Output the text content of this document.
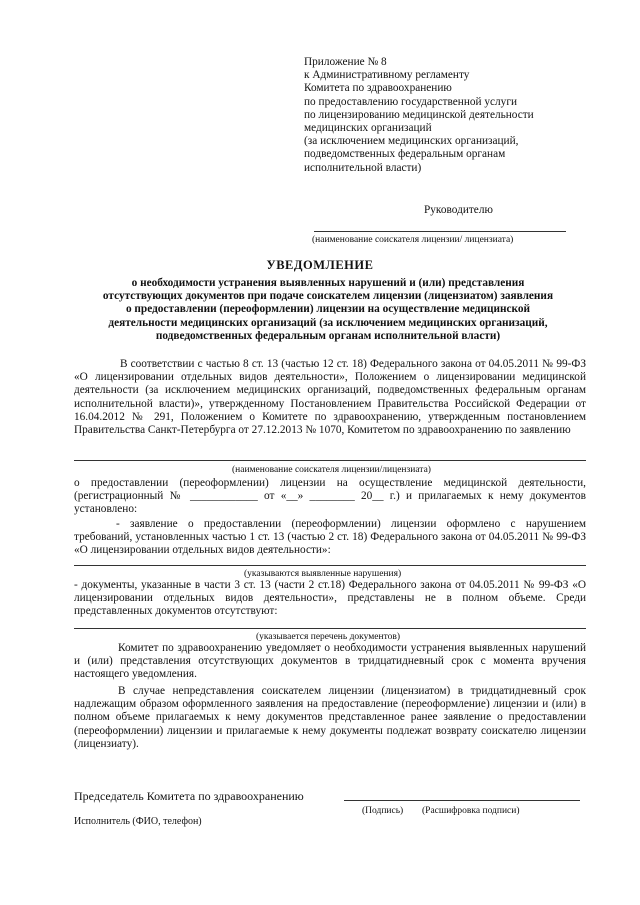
Приложение № 8
к Административному регламенту
Комитета по здравоохранению
по предоставлению государственной услуги
по лицензированию медицинской деятельности
медицинских организаций
(за исключением медицинских организаций,
подведомственных федеральным органам
исполнительной власти)
Руководителю
(наименование соискателя лицензии/ лицензиата)
УВЕДОМЛЕНИЕ
о необходимости устранения выявленных нарушений и (или) представления
отсутствующих документов при подаче соискателем лицензии (лицензиатом) заявления
о предоставлении (переоформлении) лицензии на осуществление медицинской
деятельности медицинских организаций (за исключением медицинских организаций,
подведомственных федеральным органам исполнительной власти)
В соответствии с частью 8 ст. 13 (частью 12 ст. 18) Федерального закона от 04.05.2011 № 99-ФЗ «О лицензировании отдельных видов деятельности», Положением о лицензировании медицинской деятельности (за исключением медицинских организаций, подведомственных федеральным органам исполнительной власти)», утвержденному Постановлением Правительства Российской Федерации от 16.04.2012 № 291, Положением о Комитете по здравоохранению, утвержденным постановлением Правительства Санкт-Петербурга от 27.12.2013 № 1070, Комитетом по здравоохранению по заявлению
(наименование соискателя лицензии/лицензиата)
о предоставлении (переоформлении) лицензии на осуществление медицинской деятельности, (регистрационный № ____________ от «__» ________ 20__ г.) и прилагаемых к нему документов установлено:
- заявление о предоставлении (переоформлении) лицензии оформлено с нарушением требований, установленных частью 1 ст. 13 (частью 2 ст. 18) Федерального закона от 04.05.2011 № 99-ФЗ «О лицензировании отдельных видов деятельности»:
(указываются выявленные нарушения)
- документы, указанные в части 3 ст. 13 (части 2 ст.18) Федерального закона от 04.05.2011 № 99-ФЗ «О лицензировании отдельных видов деятельности», представлены не в полном объеме. Среди представленных документов отсутствуют:
(указывается перечень документов)
Комитет по здравоохранению уведомляет о необходимости устранения выявленных нарушений и (или) представления отсутствующих документов в тридцатидневный срок с момента вручения настоящего уведомления.
В случае непредставления соискателем лицензии (лицензиатом) в тридцатидневный срок надлежащим образом оформленного заявления на предоставление (переоформление) лицензии и (или) в полном объеме прилагаемых к нему документов представленное ранее заявление о предоставлении (переоформлении) лицензии и прилагаемые к нему документы подлежат возврату соискателю лицензии (лицензиату).
Председатель Комитета по здравоохранению
(Подпись) (Расшифровка подписи)
Исполнитель (ФИО, телефон)
